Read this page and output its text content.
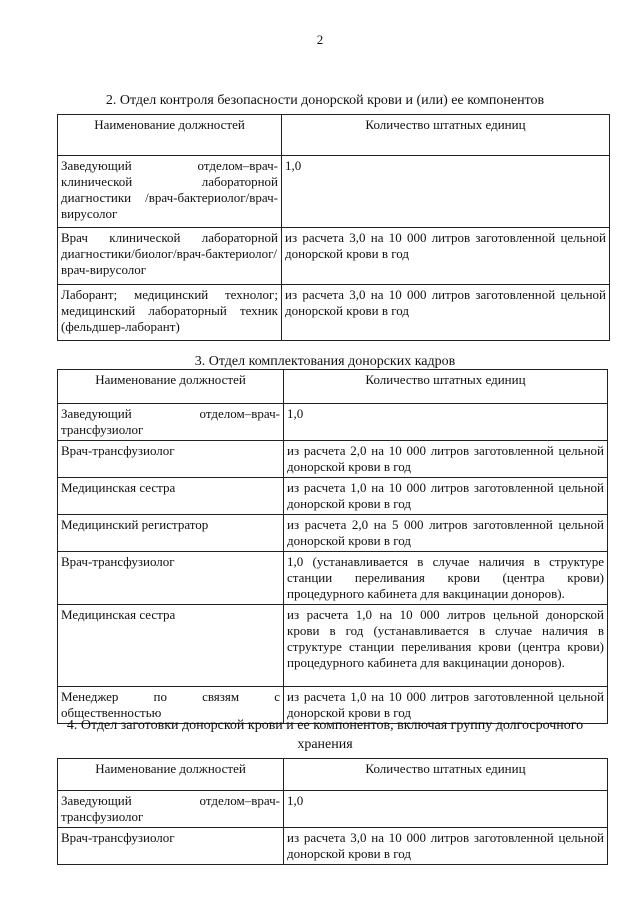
2
2. Отдел контроля безопасности донорской крови и (или) ее компонентов
Наименование должностей	Количество штатных единиц
Заведующий отделом–врач-клинической лабораторной диагностики /врач-бактериолог/врач-вирусолог	1,0
Врач клинической лабораторной диагностики/биолог/врач-бактериолог/врач-вирусолог	из расчета 3,0 на 10 000 литров заготовленной цельной донорской крови в год
Лаборант; медицинский технолог; медицинский лабораторный техник (фельдшер-лаборант)	из расчета 3,0 на 10 000 литров заготовленной цельной донорской крови в год
3. Отдел комплектования донорских кадров
Наименование должностей	Количество штатных единиц
Заведующий отделом–врач-трансфузиолог	1,0
Врач-трансфузиолог	из расчета 2,0 на 10 000 литров заготовленной цельной донорской крови в год
Медицинская сестра	из расчета 1,0 на 10 000 литров заготовленной цельной донорской крови в год
Медицинский регистратор	из расчета 2,0 на 5 000 литров заготовленной цельной донорской крови в год
Врач-трансфузиолог	1,0 (устанавливается в случае наличия в структуре станции переливания крови (центра крови) процедурного кабинета для вакцинации доноров).
Медицинская сестра	из расчета 1,0 на 10 000 литров цельной донорской крови в год (устанавливается в случае наличия в структуре станции переливания крови (центра крови) процедурного кабинета для вакцинации доноров).
Менеджер по связям с общественностью	из расчета 1,0 на 10 000 литров заготовленной цельной донорской крови в год
4. Отдел заготовки донорской крови и ее компонентов, включая группу долгосрочного хранения
Наименование должностей	Количество штатных единиц
Заведующий отделом–врач-трансфузиолог	1,0
Врач-трансфузиолог	из расчета 3,0 на 10 000 литров заготовленной цельной донорской крови в год
